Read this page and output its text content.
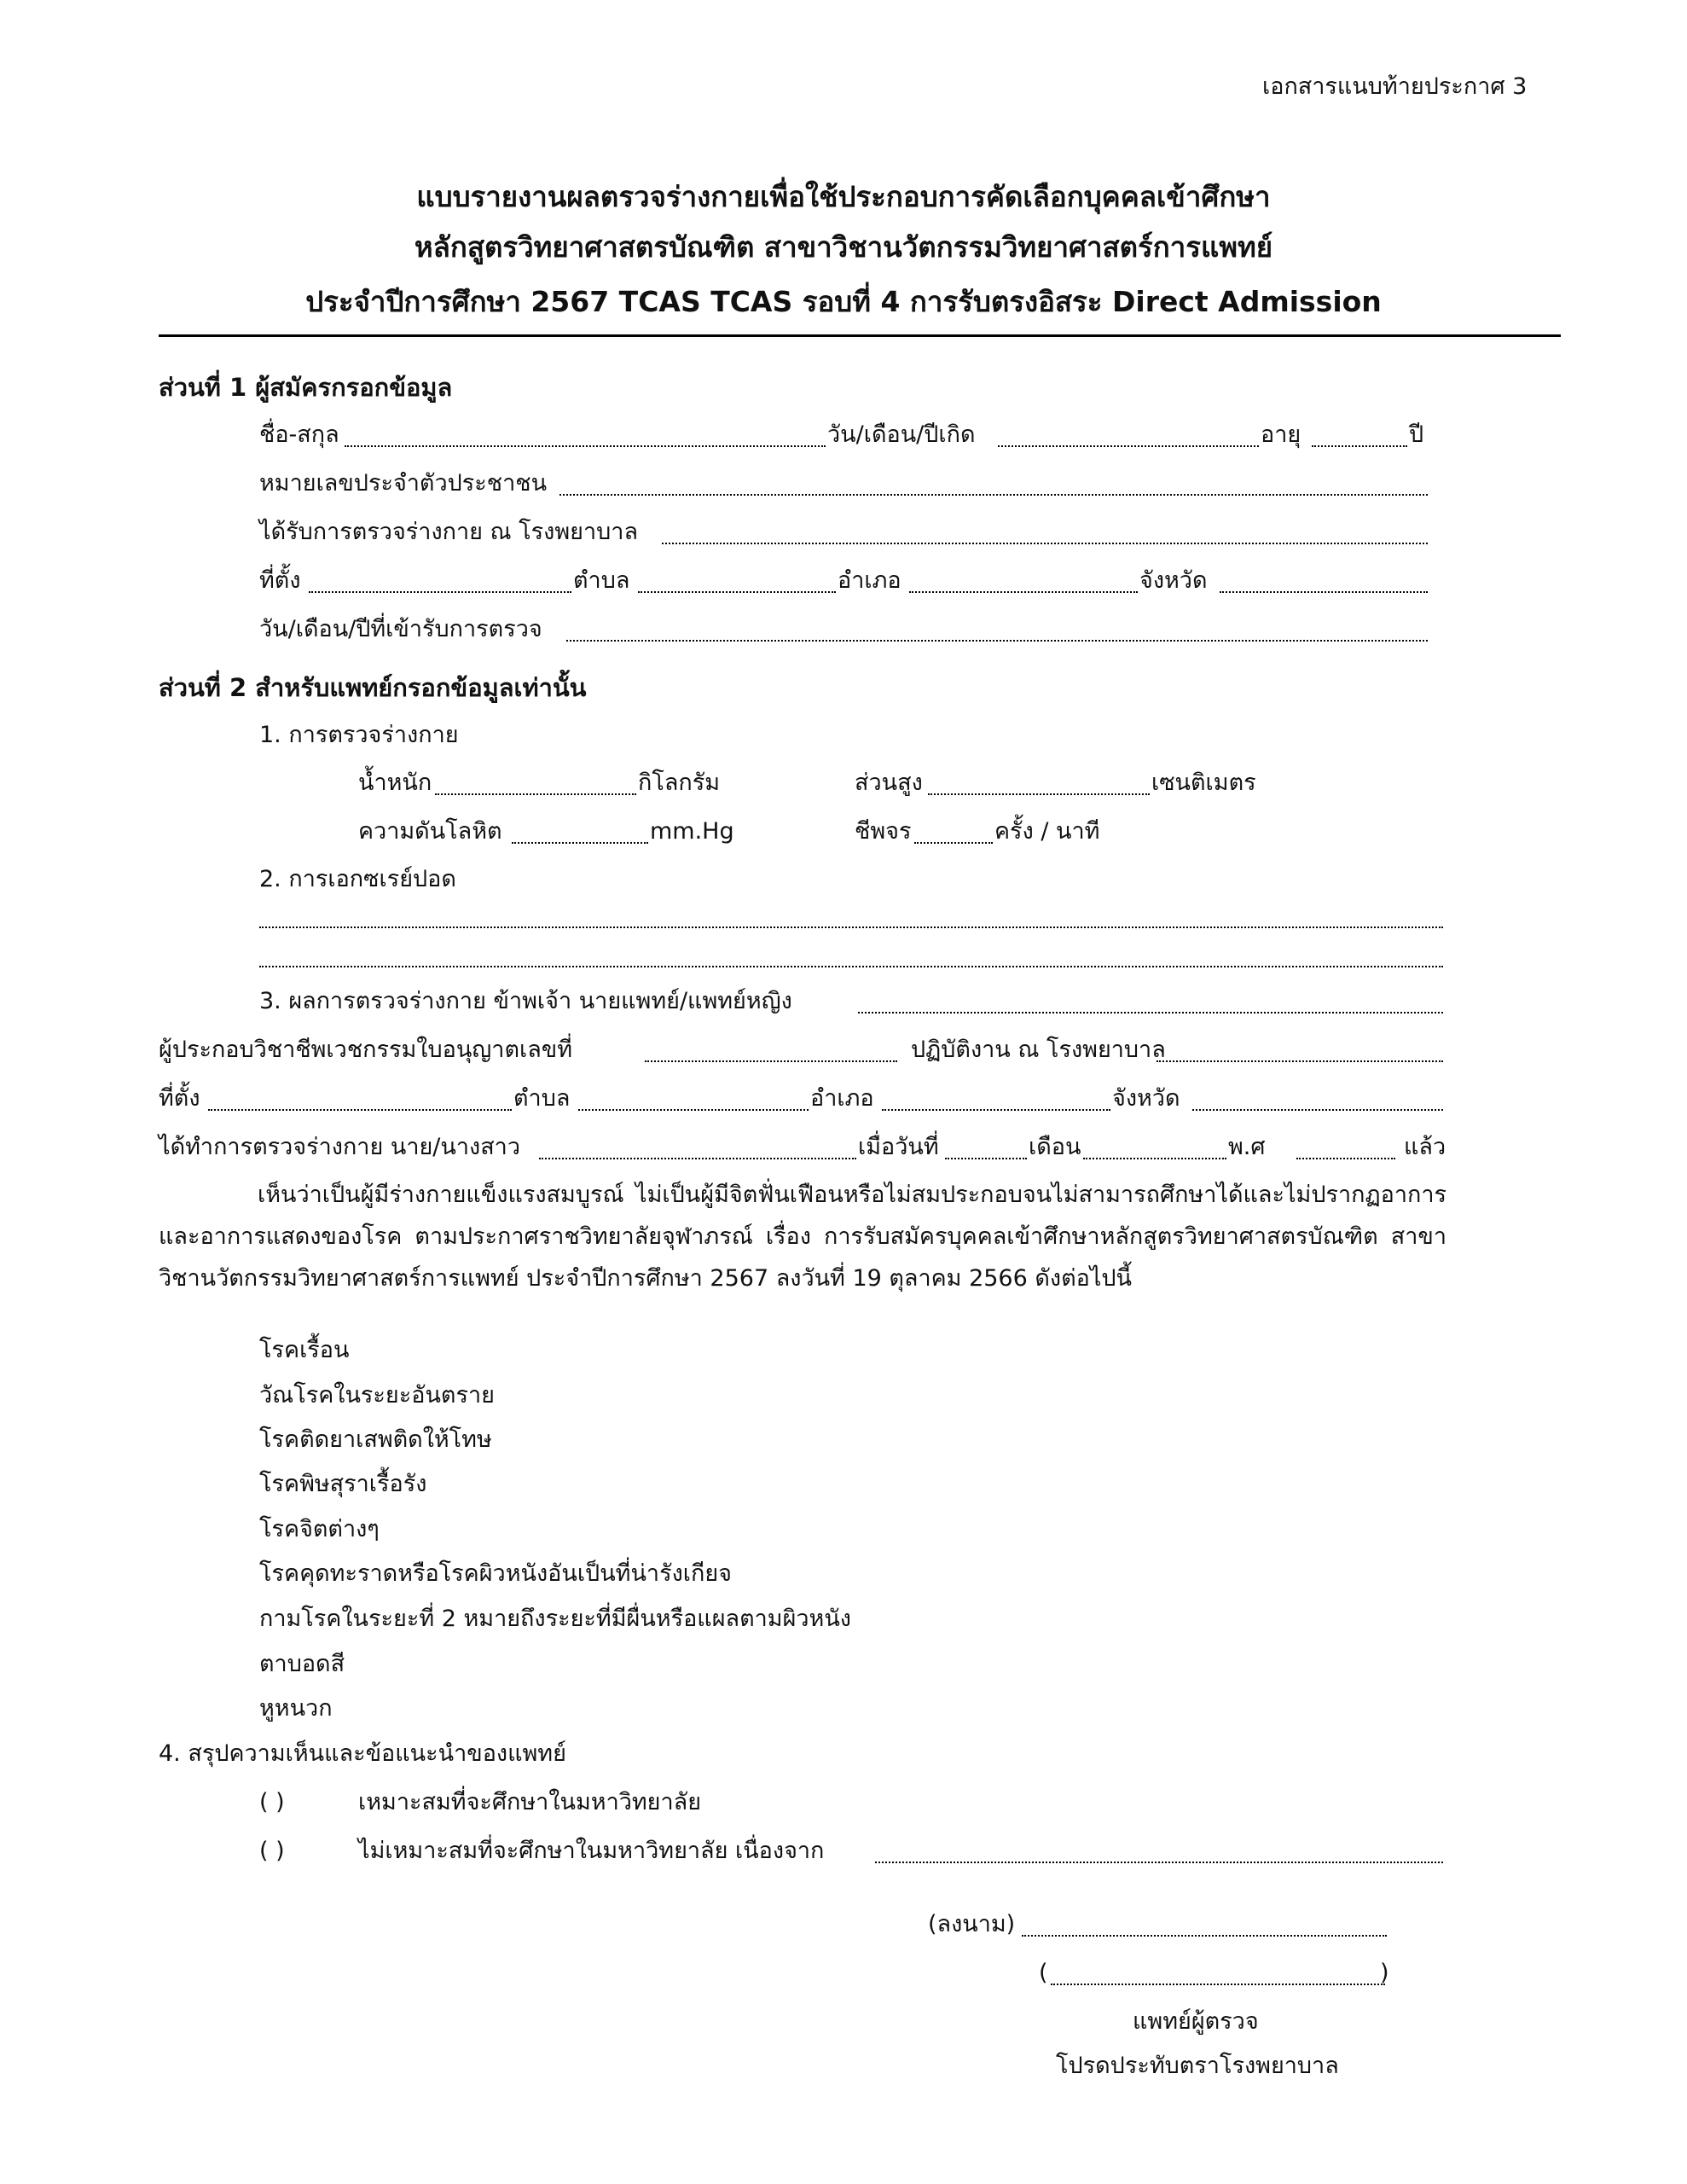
เอกสารแนบท้ายประกาศ 3
แบบรายงานผลตรวจร่างกายเพื่อใช้ประกอบการคัดเลือกบุคคลเข้าศึกษา
หลักสูตรวิทยาศาสตรบัณฑิต สาขาวิชานวัตกรรมวิทยาศาสตร์การแพทย์
ประจำปีการศึกษา 2567 TCAS TCAS รอบที่ 4 การรับตรงอิสระ Direct Admission
ส่วนที่ 1 ผู้สมัครกรอกข้อมูล
ชื่อ-สกุล	วัน/เดือน/ปีเกิด	อายุ	ปี
หมายเลขประจำตัวประชาชน
ได้รับการตรวจร่างกาย ณ โรงพยาบาล
ที่ตั้ง	ตำบล	อำเภอ	จังหวัด
วัน/เดือน/ปีที่เข้ารับการตรวจ
ส่วนที่ 2 สำหรับแพทย์กรอกข้อมูลเท่านั้น
1. การตรวจร่างกาย
น้ำหนัก	กิโลกรัม	ส่วนสูง	เซนติเมตร
ความดันโลหิต	mm.Hg	ชีพจร	ครั้ง / นาที
2. การเอกซเรย์ปอด
3. ผลการตรวจร่างกาย ข้าพเจ้า นายแพทย์/แพทย์หญิง
ผู้ประกอบวิชาชีพเวชกรรมใบอนุญาตเลขที่	ปฏิบัติงาน ณ โรงพยาบาล
ที่ตั้ง	ตำบล	อำเภอ	จังหวัด
ได้ทำการตรวจร่างกาย นาย/นางสาว	เมื่อวันที่	เดือน	พ.ศ	แล้ว
เห็นว่าเป็นผู้มีร่างกายแข็งแรงสมบูรณ์ ไม่เป็นผู้มีจิตฟั่นเฟือนหรือไม่สมประกอบจนไม่สามารถศึกษาได้และไม่ปรากฏอาการและอาการแสดงของโรค ตามประกาศราชวิทยาลัยจุฬาภรณ์ เรื่อง การรับสมัครบุคคลเข้าศึกษาหลักสูตรวิทยาศาสตรบัณฑิต สาขาวิชานวัตกรรมวิทยาศาสตร์การแพทย์ ประจำปีการศึกษา 2567 ลงวันที่ 19 ตุลาคม 2566 ดังต่อไปนี้
โรคเรื้อน
วัณโรคในระยะอันตราย
โรคติดยาเสพติดให้โทษ
โรคพิษสุราเรื้อรัง
โรคจิตต่างๆ
โรคคุดทะราดหรือโรคผิวหนังอันเป็นที่น่ารังเกียจ
กามโรคในระยะที่ 2 หมายถึงระยะที่มีผื่นหรือแผลตามผิวหนัง
ตาบอดสี
หูหนวก
4. สรุปความเห็นและข้อแนะนำของแพทย์
( )	เหมาะสมที่จะศึกษาในมหาวิทยาลัย
( )	ไม่เหมาะสมที่จะศึกษาในมหาวิทยาลัย เนื่องจาก
(ลงนาม)
(	)
แพทย์ผู้ตรวจ
โปรดประทับตราโรงพยาบาล
